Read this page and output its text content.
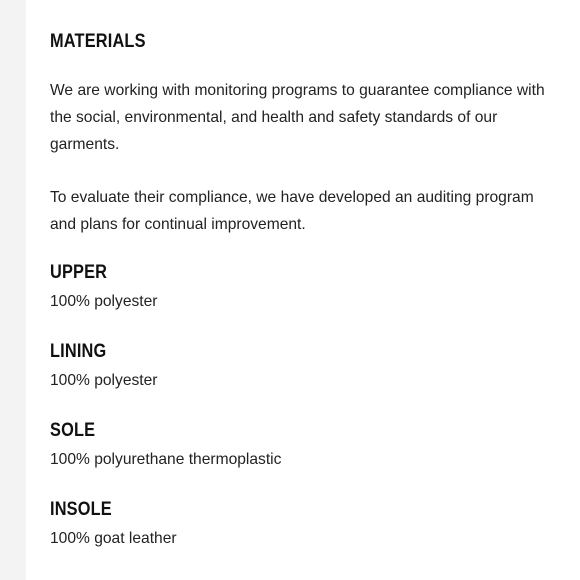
MATERIALS

We are working with monitoring programs to guarantee compliance with the social, environmental, and health and safety standards of our garments.

To evaluate their compliance, we have developed an auditing program and plans for continual improvement.

UPPER

100% polyester

LINING

100% polyester

SOLE

100% polyurethane thermoplastic

INSOLE

100% goat leather
